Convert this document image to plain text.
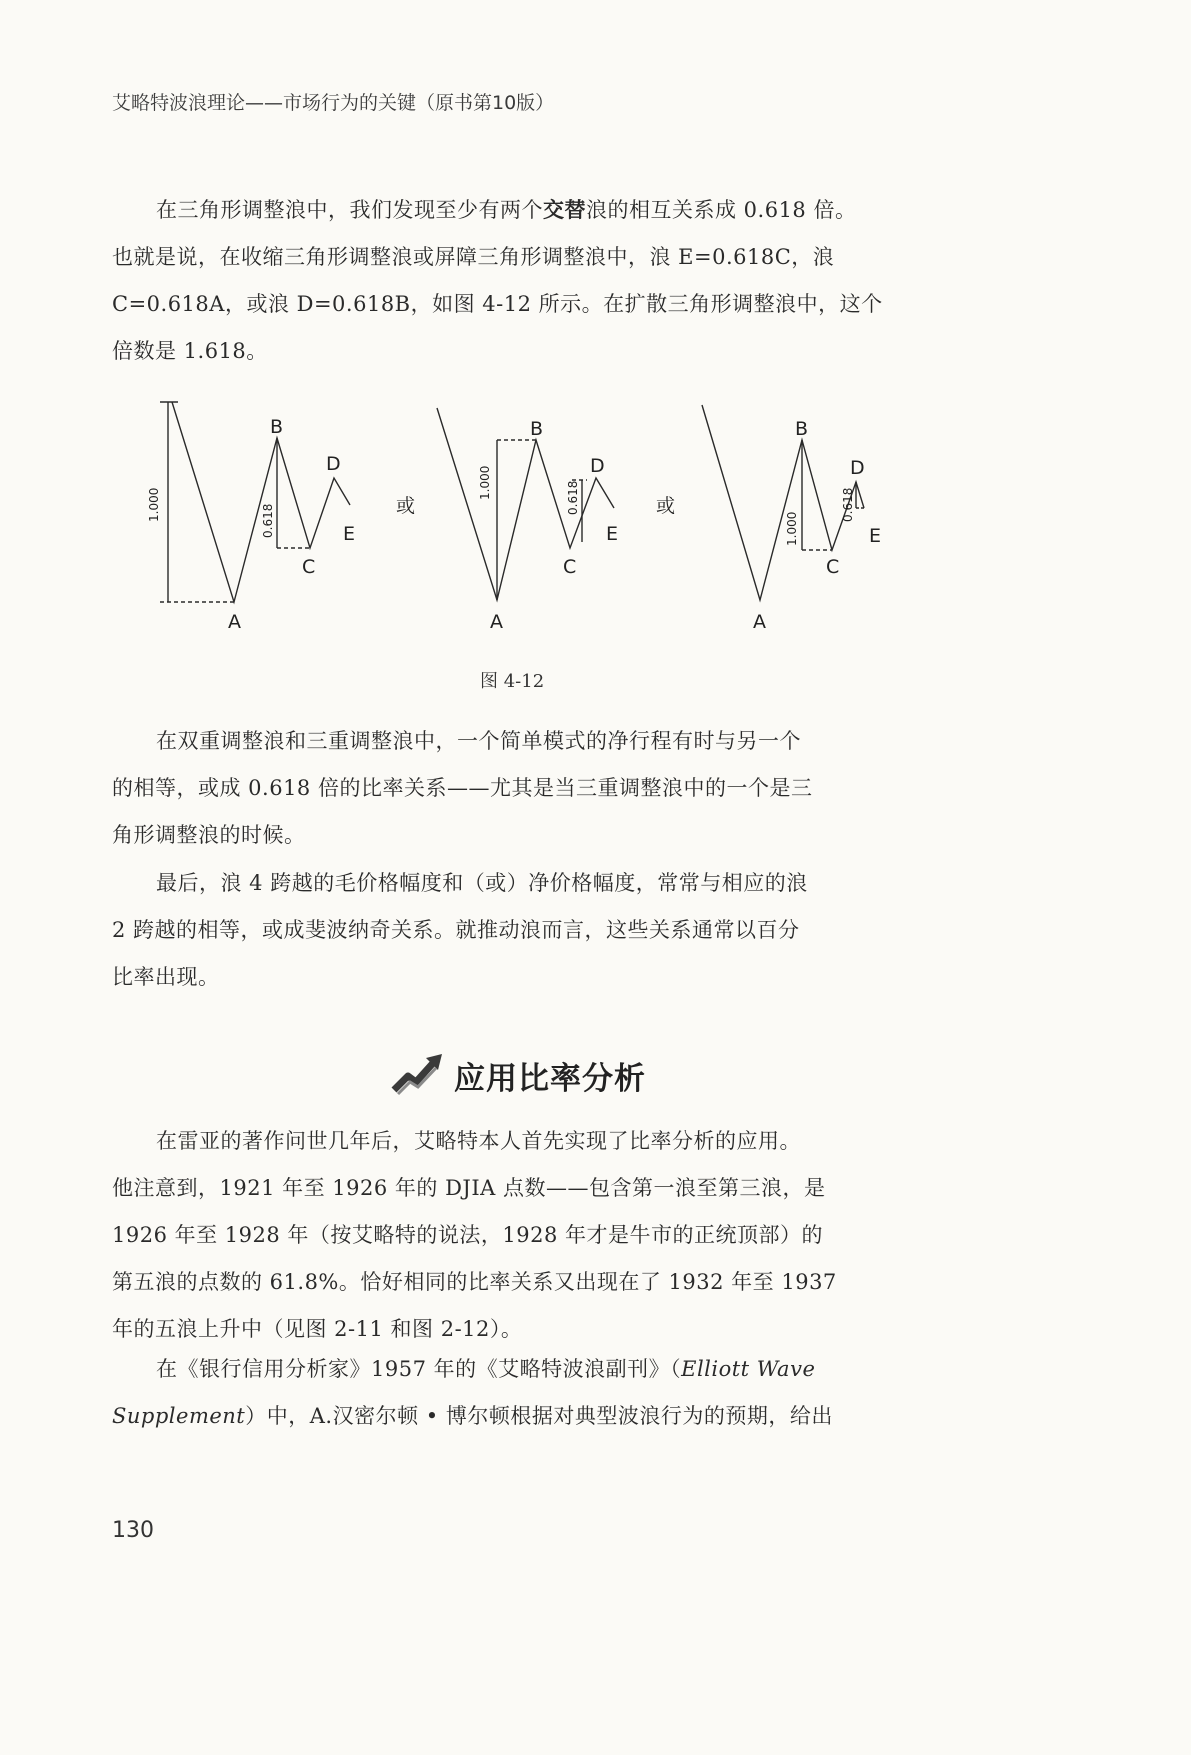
艾略特波浪理论——市场行为的关键（原书第10版）
在三角形调整浪中，我们发现至少有两个交替浪的相互关系成 0.618 倍。
也就是说，在收缩三角形调整浪或屏障三角形调整浪中，浪 E=0.618C，浪
C=0.618A，或浪 D=0.618B，如图 4-12 所示。在扩散三角形调整浪中，这个
倍数是 1.618。
B
D
E
C
A
1.000	0.618	或
B
D
E
C
A
1.000	0.618	或
B
D
E
C
A
1.000
0.618
图 4-12
在双重调整浪和三重调整浪中，一个简单模式的净行程有时与另一个
的相等，或成 0.618 倍的比率关系——尤其是当三重调整浪中的一个是三
角形调整浪的时候。
最后，浪 4 跨越的毛价格幅度和（或）净价格幅度，常常与相应的浪
2 跨越的相等，或成斐波纳奇关系。就推动浪而言，这些关系通常以百分
比率出现。
应用比率分析
在雷亚的著作问世几年后，艾略特本人首先实现了比率分析的应用。
他注意到，1921 年至 1926 年的 DJIA 点数——包含第一浪至第三浪，是
1926 年至 1928 年（按艾略特的说法，1928 年才是牛市的正统顶部）的
第五浪的点数的 61.8%。恰好相同的比率关系又出现在了 1932 年至 1937
年的五浪上升中（见图 2-11 和图 2-12）。
在《银行信用分析家》1957 年的《艾略特波浪副刊》（Elliott Wave
Supplement）中，A.汉密尔顿 • 博尔顿根据对典型波浪行为的预期，给出
130
